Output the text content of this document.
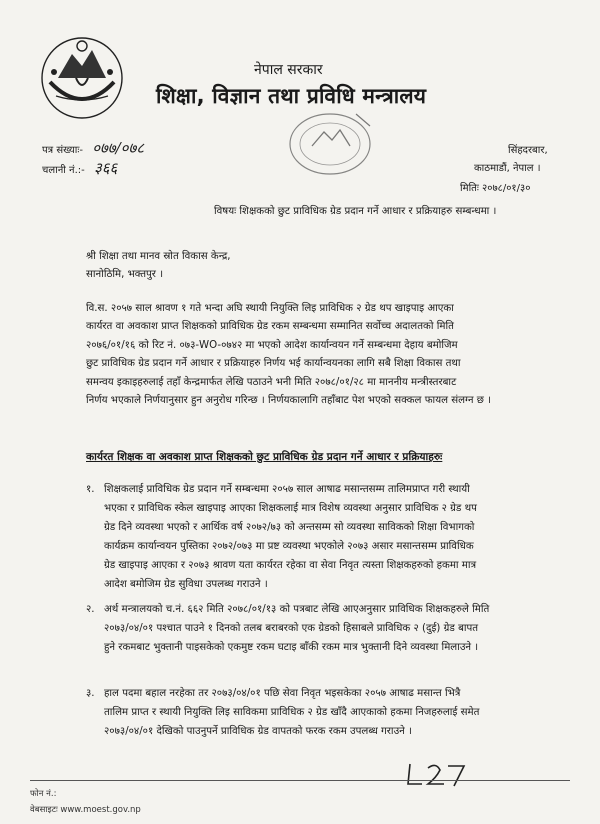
नेपाल सरकार
शिक्षा, विज्ञान तथा प्रविधि मन्त्रालय
पत्र संख्याः- ०७७/०७८
चलानी नं.:- ३६६
सिंहदरबार,
काठमाडौं, नेपाल ।
मितिः २०७८/०१/३०
विषयः शिक्षकको छुट प्राविधिक ग्रेड प्रदान गर्ने आधार र प्रक्रियाहरु सम्बन्धमा ।
श्री शिक्षा तथा मानव स्रोत विकास केन्द्र,
सानोठिमि, भक्तपुर ।
वि.स. २०५७ साल श्रावण १ गते भन्दा अघि स्थायी नियुक्ति लिइ प्राविधिक २ ग्रेड थप खाइपाइ आएका
कार्यरत वा अवकाश प्राप्त शिक्षकको प्राविधिक ग्रेड रकम सम्बन्धमा सम्मानित सर्वोच्च अदालतको मिति
२०७६/०१/१६ को रिट नं. ०७३-WO-०७४२ मा भएको आदेश कार्यान्वयन गर्ने सम्बन्धमा देहाय बमोजिम
छुट प्राविधिक ग्रेड प्रदान गर्ने आधार र प्रक्रियाहरु निर्णय भई कार्यान्वयनका लागि सबै शिक्षा विकास तथा
समन्वय इकाइहरुलाई तहाँ केन्द्रमार्फत लेखि पठाउने भनी मिति २०७८/०१/२८ मा माननीय मन्त्रीस्तरबाट
निर्णय भएकाले निर्णयानुसार हुन अनुरोध गरिन्छ । निर्णयकालागि तहाँबाट पेश भएको सक्कल फायल संलग्न छ ।
कार्यरत शिक्षक वा अवकाश प्राप्त शिक्षकको छुट प्राविधिक ग्रेड प्रदान गर्ने आधार र प्रक्रियाहरुः
१. शिक्षकलाई प्राविधिक ग्रेड प्रदान गर्ने सम्बन्धमा २०५७ साल आषाढ मसान्तसम्म तालिमप्राप्त गरी स्थायी
भएका र प्राविधिक स्केल खाइपाइ आएका शिक्षकलाई मात्र विशेष व्यवस्था अनुसार प्राविधिक २ ग्रेड थप
ग्रेड दिने व्यवस्था भएको र आर्थिक वर्ष २०७२/७३ को अन्तसम्म सो व्यवस्था साविकको शिक्षा विभागको
कार्यक्रम कार्यान्वयन पुस्तिका २०७२/०७३ मा प्रष्ट व्यवस्था भएकोले २०७३ असार मसान्तसम्म प्राविधिक
ग्रेड खाइपाइ आएका र २०७३ श्रावण यता कार्यरत रहेका वा सेवा निवृत त्यस्ता शिक्षकहरुको हकमा मात्र
आदेश बमोजिम ग्रेड सुविधा उपलब्ध गराउने ।
२. अर्थ मन्त्रालयको च.नं. ६६२ मिति २०७८/०१/१३ को पत्रबाट लेखि आएअनुसार प्राविधिक शिक्षकहरुले मिति
२०७३/०४/०१ पश्चात पाउने १ दिनको तलब बराबरको एक ग्रेडको हिसाबले प्राविधिक २ (दुई) ग्रेड बापत
हुने रकमबाट भुक्तानी पाइसकेको एकमुष्ट रकम घटाइ बाँकी रकम मात्र भुक्तानी दिने व्यवस्था मिलाउने ।
३. हाल पदमा बहाल नरहेका तर २०७३/०४/०१ पछि सेवा निवृत भइसकेका २०५७ आषाढ मसान्त भित्रै
तालिम प्राप्त र स्थायी नियुक्ति लिइ साविकमा प्राविधिक २ ग्रेड खाँदै आएकाको हकमा निजहरुलाई समेत
२०७३/०४/०१ देखिको पाउनुपर्ने प्राविधिक ग्रेड वापतको फरक रकम उपलब्ध गराउने ।
फोन नं.:
वेबसाइटः www.moest.gov.np
